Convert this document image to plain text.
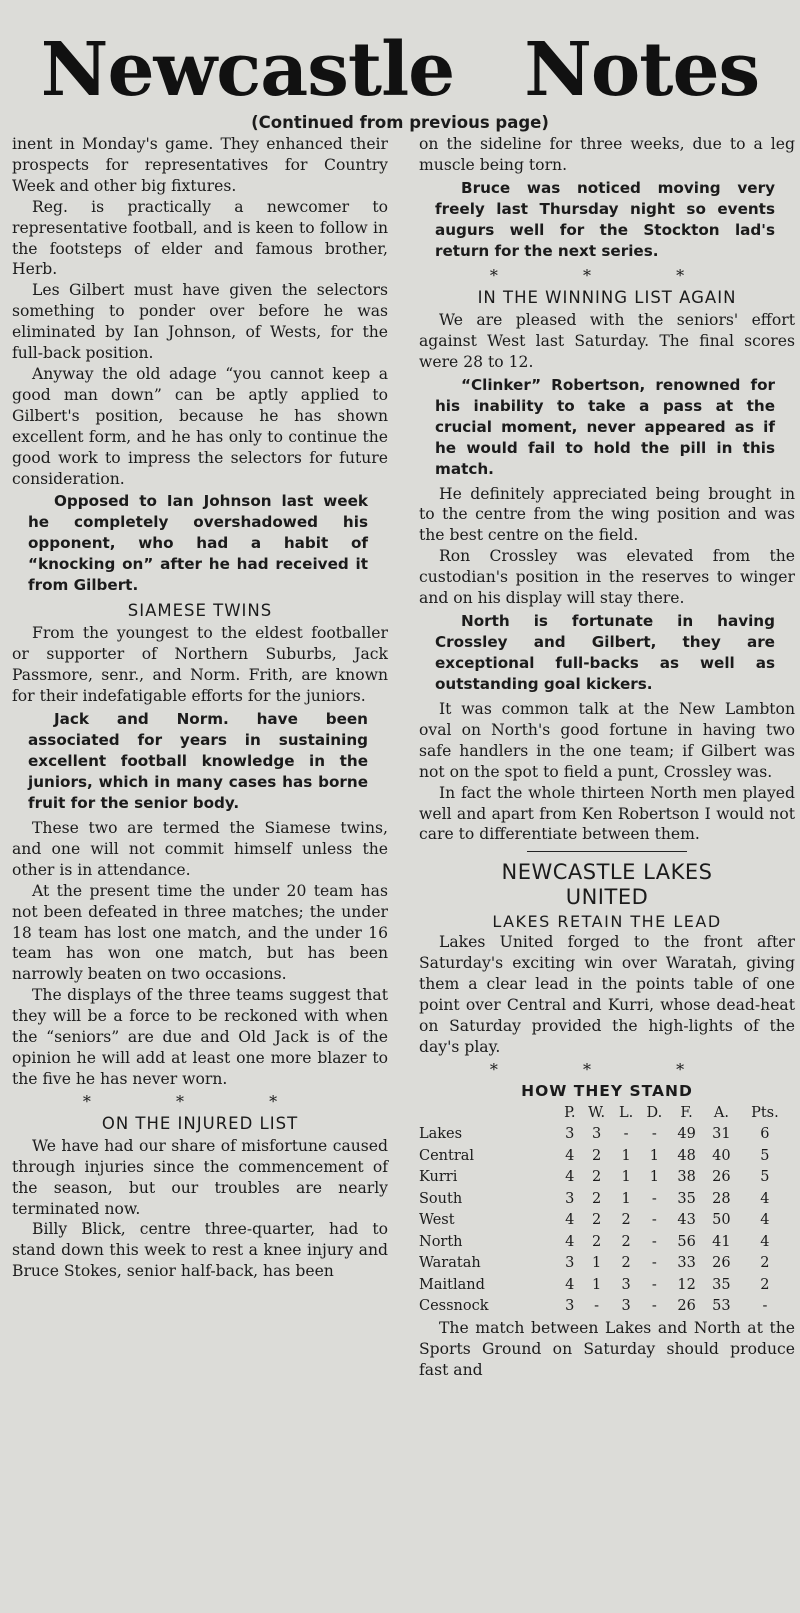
Newcastle Notes
(Continued from previous page)

inent in Monday's game. They enhanced their prospects for representatives for Country Week and other big fixtures.

Reg. is practically a newcomer to representative football, and is keen to follow in the footsteps of elder and famous brother, Herb.

Les Gilbert must have given the selectors something to ponder over before he was eliminated by Ian Johnson, of Wests, for the full-back position.

Anyway the old adage “you cannot keep a good man down” can be aptly applied to Gilbert's position, because he has shown excellent form, and he has only to continue the good work to impress the selectors for future consideration.

Opposed to Ian Johnson last week he completely overshadowed his opponent, who had a habit of “knocking on” after he had received it from Gilbert.

SIAMESE TWINS

From the youngest to the eldest footballer or supporter of Northern Suburbs, Jack Passmore, senr., and Norm. Frith, are known for their indefatigable efforts for the juniors.

Jack and Norm. have been associated for years in sustaining excellent football knowledge in the juniors, which in many cases has borne fruit for the senior body.

These two are termed the Siamese twins, and one will not commit himself unless the other is in attendance.

At the present time the under 20 team has not been defeated in three matches; the under 18 team has lost one match, and the under 16 team has won one match, but has been narrowly beaten on two occasions.

The displays of the three teams suggest that they will be a force to be reckoned with when the “seniors” are due and Old Jack is of the opinion he will add at least one more blazer to the five he has never worn.

* * *
ON THE INJURED LIST

We have had our share of misfortune caused through injuries since the commencement of the season, but our troubles are nearly terminated now.

Billy Blick, centre three-quarter, had to stand down this week to rest a knee injury and Bruce Stokes, senior half-back, has been

on the sideline for three weeks, due to a leg muscle being torn.

Bruce was noticed moving very freely last Thursday night so events augurs well for the Stockton lad's return for the next series.

* * *
IN THE WINNING LIST AGAIN

We are pleased with the seniors' effort against West last Saturday. The final scores were 28 to 12.

“Clinker” Robertson, renowned for his inability to take a pass at the crucial moment, never appeared as if he would fail to hold the pill in this match.

He definitely appreciated being brought in to the centre from the wing position and was the best centre on the field.

Ron Crossley was elevated from the custodian's position in the reserves to winger and on his display will stay there.

North is fortunate in having Crossley and Gilbert, they are exceptional full-backs as well as outstanding goal kickers.

It was common talk at the New Lambton oval on North's good fortune in having two safe handlers in the one team; if Gilbert was not on the spot to field a punt, Crossley was.

In fact the whole thirteen North men played well and apart from Ken Robertson I would not care to differentiate between them.

NEWCASTLE LAKES
UNITED
LAKES RETAIN THE LEAD

Lakes United forged to the front after Saturday's exciting win over Waratah, giving them a clear lead in the points table of one point over Central and Kurri, whose dead-heat on Saturday provided the high-lights of the day's play.

* * *
HOW THEY STAND
	P.	W.	L.	D.	F.	A.	Pts.
Lakes	3	3	-	-	49	31	6
Central	4	2	1	1	48	40	5
Kurri	4	2	1	1	38	26	5
South	3	2	1	-	35	28	4
West	4	2	2	-	43	50	4
North	4	2	2	-	56	41	4
Waratah	3	1	2	-	33	26	2
Maitland	4	1	3	-	12	35	2
Cessnock	3	-	3	-	26	53	-

The match between Lakes and North at the Sports Ground on Saturday should produce fast and
